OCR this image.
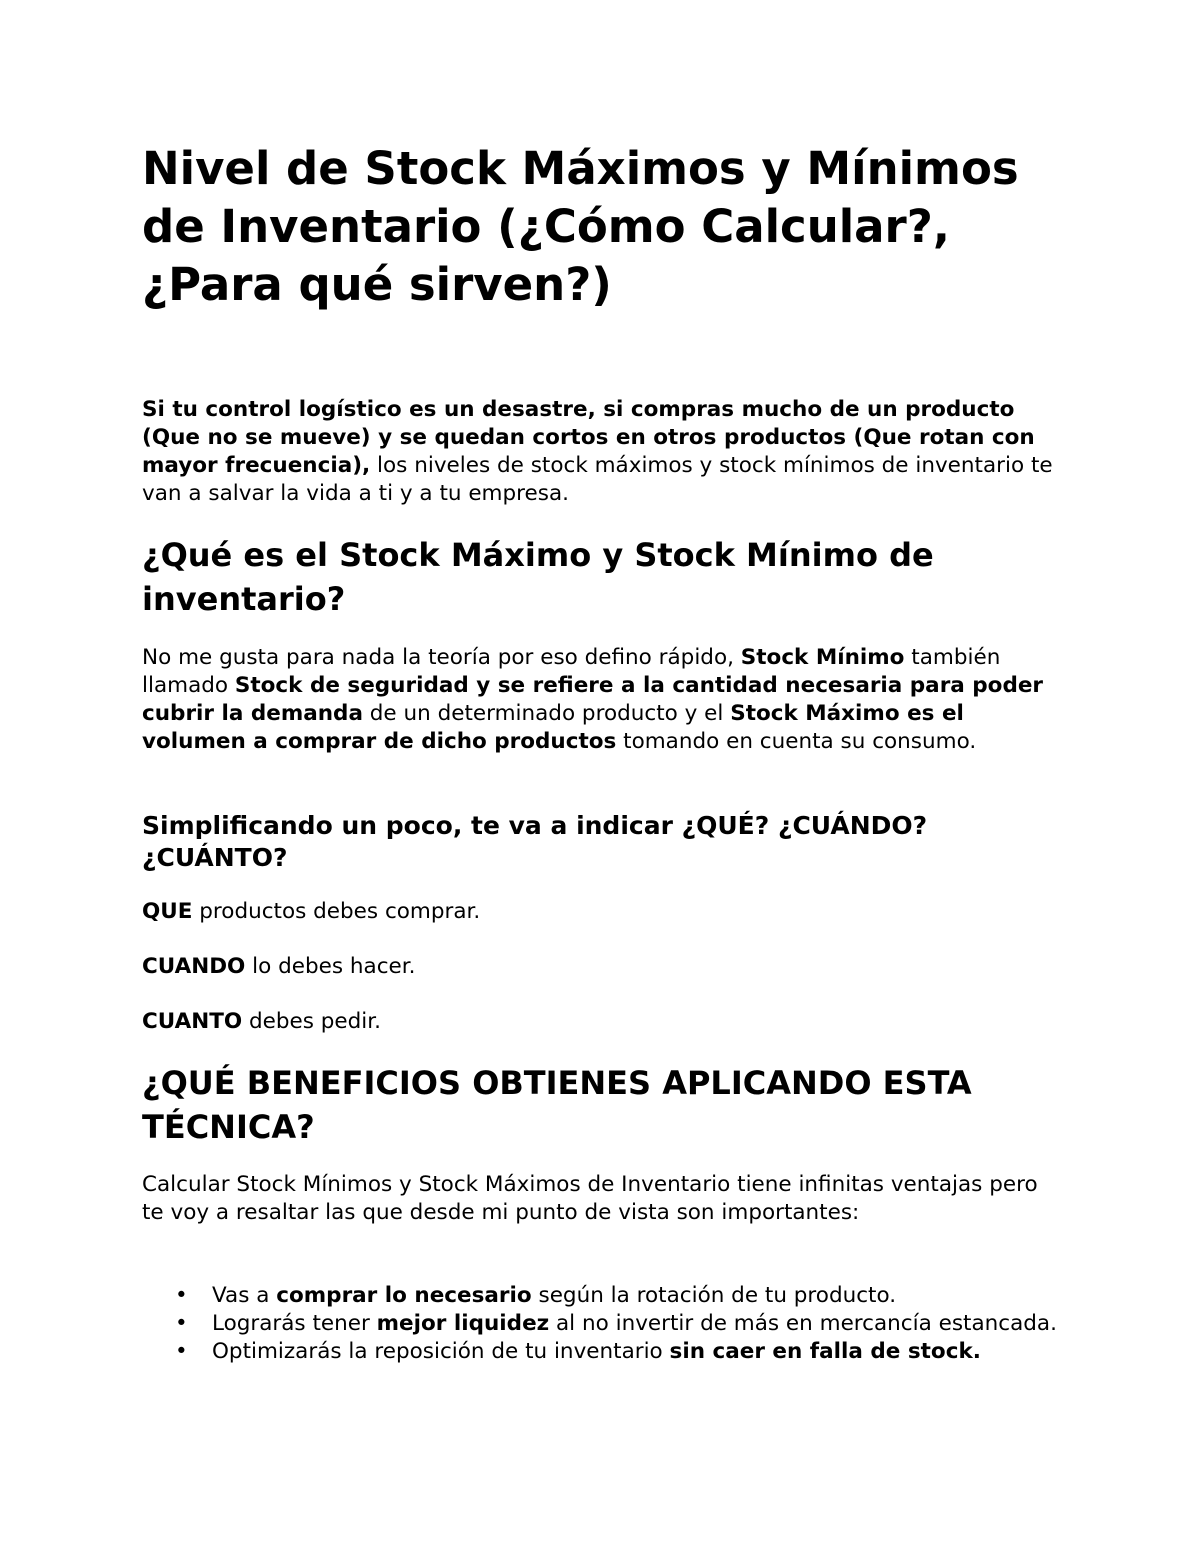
Nivel de Stock Máximos y Mínimos de Inventario (¿Cómo Calcular?, ¿Para qué sirven?)

Si tu control logístico es un desastre, si compras mucho de un producto (Que no se mueve) y se quedan cortos en otros productos (Que rotan con mayor frecuencia), los niveles de stock máximos y stock mínimos de inventario te van a salvar la vida a ti y a tu empresa.

¿Qué es el Stock Máximo y Stock Mínimo de inventario?

No me gusta para nada la teoría por eso defino rápido, Stock Mínimo también llamado Stock de seguridad y se refiere a la cantidad necesaria para poder cubrir la demanda de un determinado producto y el Stock Máximo es el volumen a comprar de dicho productos tomando en cuenta su consumo.

Simplificando un poco, te va a indicar ¿QUÉ? ¿CUÁNDO? ¿CUÁNTO?

QUE productos debes comprar.

CUANDO lo debes hacer.

CUANTO debes pedir.

¿QUÉ BENEFICIOS OBTIENES APLICANDO ESTA TÉCNICA?

Calcular Stock Mínimos y Stock Máximos de Inventario tiene infinitas ventajas pero te voy a resaltar las que desde mi punto de vista son importantes:

• Vas a comprar lo necesario según la rotación de tu producto.
• Lograrás tener mejor liquidez al no invertir de más en mercancía estancada.
• Optimizarás la reposición de tu inventario sin caer en falla de stock.
